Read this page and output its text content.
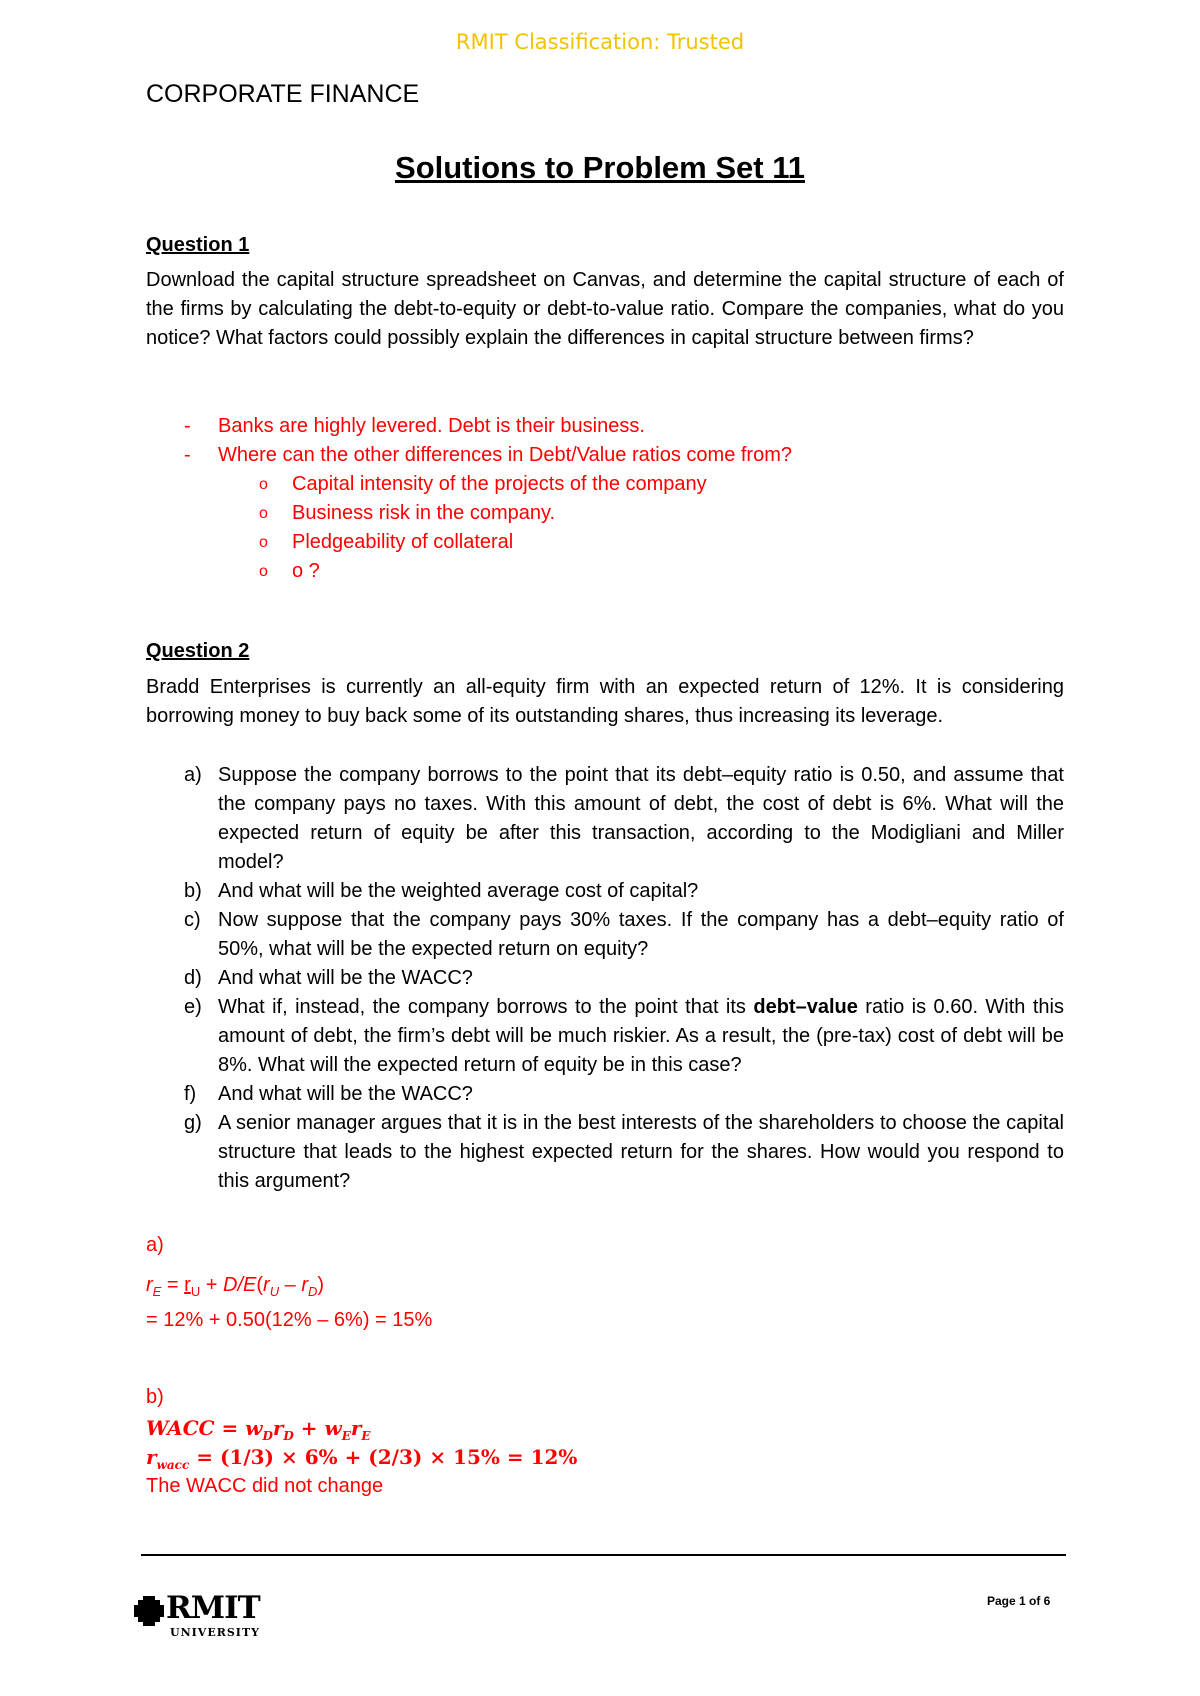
RMIT Classification: Trusted
CORPORATE FINANCE
Solutions to Problem Set 11
Question 1
Download the capital structure spreadsheet on Canvas, and determine the capital structure of each of the firms by calculating the debt-to-equity or debt-to-value ratio. Compare the companies, what do you notice? What factors could possibly explain the differences in capital structure between firms?
- Banks are highly levered. Debt is their business.
- Where can the other differences in Debt/Value ratios come from?
o Capital intensity of the projects of the company
o Business risk in the company.
o Pledgeability of collateral
o o ?
Question 2
Bradd Enterprises is currently an all-equity firm with an expected return of 12%. It is considering borrowing money to buy back some of its outstanding shares, thus increasing its leverage.
a) Suppose the company borrows to the point that its debt–equity ratio is 0.50, and assume that the company pays no taxes. With this amount of debt, the cost of debt is 6%. What will the expected return of equity be after this transaction, according to the Modigliani and Miller model?
b) And what will be the weighted average cost of capital?
c) Now suppose that the company pays 30% taxes. If the company has a debt–equity ratio of 50%, what will be the expected return on equity?
d) And what will be the WACC?
e) What if, instead, the company borrows to the point that its debt–value ratio is 0.60. With this amount of debt, the firm’s debt will be much riskier. As a result, the (pre-tax) cost of debt will be 8%. What will the expected return of equity be in this case?
f) And what will be the WACC?
g) A senior manager argues that it is in the best interests of the shareholders to choose the capital structure that leads to the highest expected return for the shares. How would you respond to this argument?
a)
$r_E = r_U + D/E(r_U - r_D)$
= 12% + 0.50(12% – 6%) = 15%
b)
WACC = $w_Dr_D + w_Er_E$
$r_{wacc} = (1/3) \times 6\% + (2/3) \times 15\% = 12\%$
The WACC did not change
RMIT
UNIVERSITY
Page 1 of 6
